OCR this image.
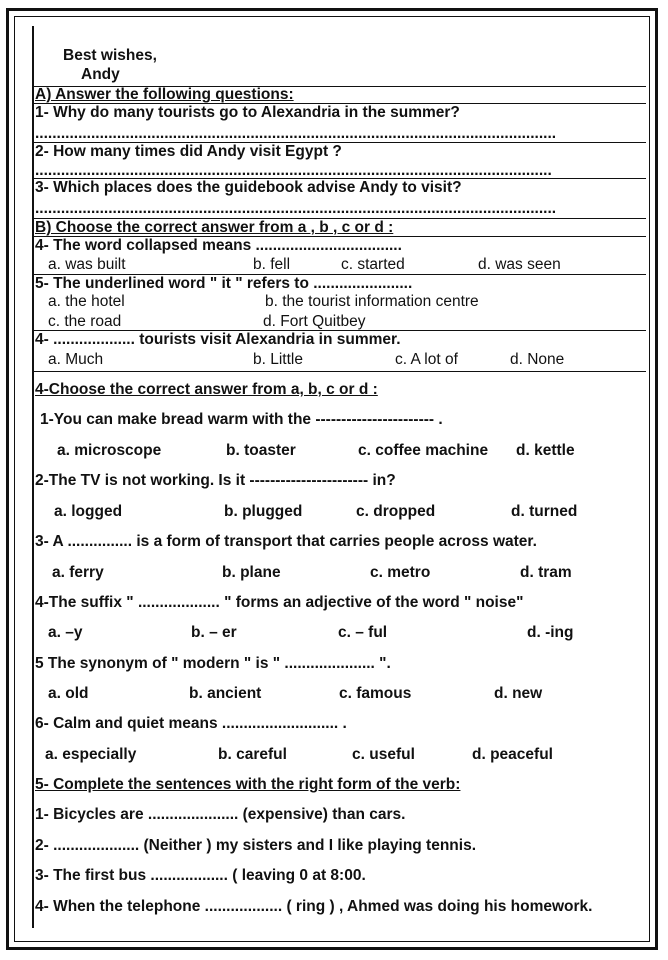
Best wishes,
Andy
A) Answer the following questions:
1- Why do many tourists go to Alexandria in the summer?
.........................................................................................................................
2- How many times did Andy visit Egypt ?
........................................................................................................................
3- Which places does the guidebook advise Andy to visit?
.........................................................................................................................
B) Choose the correct answer from a , b , c or d :
4- The word collapsed means ..................................
a. was built	b. fell	c. started	d. was seen
5- The underlined word " it " refers to .......................
a. the hotel	b. the tourist information centre
c. the road	d. Fort Quitbey
4- ................... tourists visit Alexandria in summer.
a. Much	b. Little	c. A lot of	d. None
4-Choose the correct answer from a, b, c or d :
1-You can make bread warm with the ----------------------- .
a. microscope	b. toaster	c. coffee machine d. kettle
2-The TV is not working. Is it ----------------------- in?
a. logged	b. plugged	c. dropped	d. turned
3- A ............... is a form of transport that carries people across water.
a. ferry	b. plane	c. metro	d. tram
4-The suffix " ................... " forms an adjective of the word " noise"
a. –y	b. – er	c. – ful	d. -ing
5 The synonym of " modern " is " ..................... ".
a. old	b. ancient	c. famous	d. new
6- Calm and quiet means ........................... .
a. especially	b. careful	c. useful	d. peaceful
5- Complete the sentences with the right form of the verb:
1- Bicycles are ..................... (expensive) than cars.
2- .................... (Neither ) my sisters and I like playing tennis.
3- The first bus .................. ( leaving 0 at 8:00.
4- When the telephone .................. ( ring ) , Ahmed was doing his homework.
